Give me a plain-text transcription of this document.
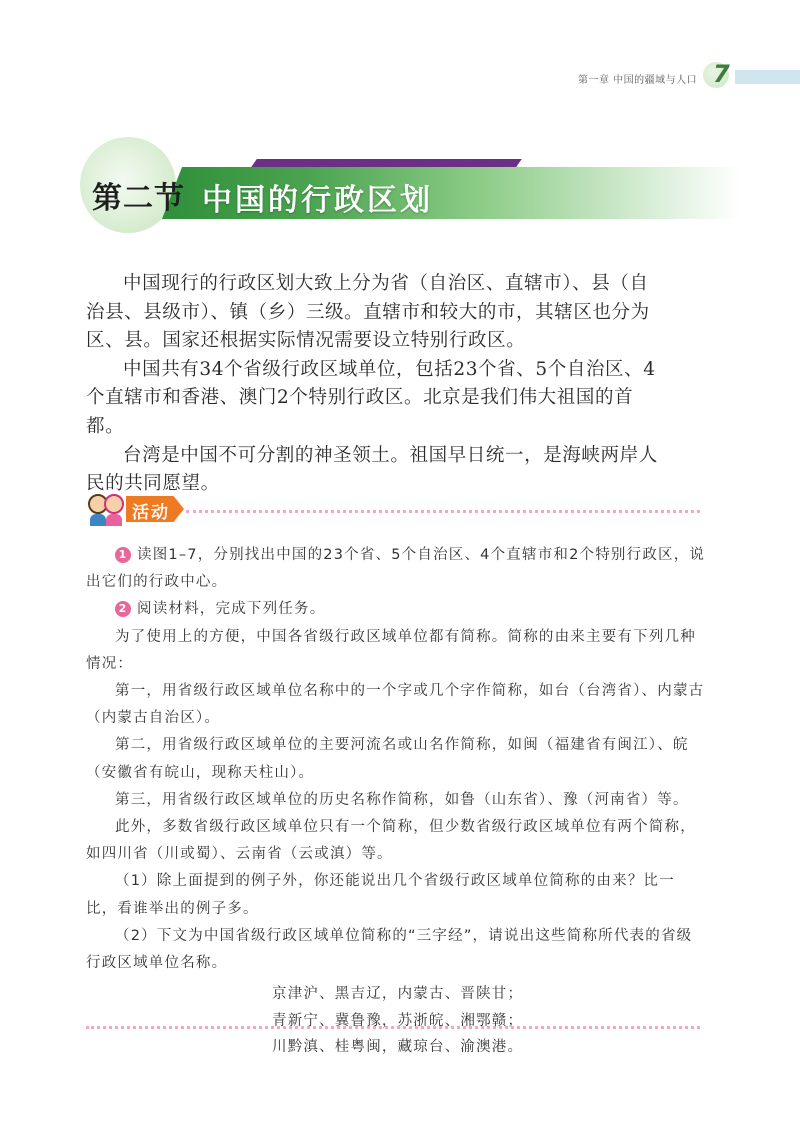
第一章 中国的疆域与人口 7
第二节 中国的行政区划

中国现行的行政区划大致上分为省（自治区、直辖市）、县（自治县、县级市）、镇（乡）三级。直辖市和较大的市，其辖区也分为区、县。国家还根据实际情况需要设立特别行政区。

中国共有34个省级行政区域单位，包括23个省、5个自治区、4个直辖市和香港、澳门2个特别行政区。北京是我们伟大祖国的首都。

台湾是中国不可分割的神圣领土。祖国早日统一，是海峡两岸人民的共同愿望。

活动

1 读图1–7，分别找出中国的23个省、5个自治区、4个直辖市和2个特别行政区，说出它们的行政中心。

2 阅读材料，完成下列任务。

为了使用上的方便，中国各省级行政区域单位都有简称。简称的由来主要有下列几种情况：

第一，用省级行政区域单位名称中的一个字或几个字作简称，如台（台湾省）、内蒙古（内蒙古自治区）。

第二，用省级行政区域单位的主要河流名或山名作简称，如闽（福建省有闽江）、皖（安徽省有皖山，现称天柱山）。

第三，用省级行政区域单位的历史名称作简称，如鲁（山东省）、豫（河南省）等。

此外，多数省级行政区域单位只有一个简称，但少数省级行政区域单位有两个简称，如四川省（川或蜀）、云南省（云或滇）等。

（1）除上面提到的例子外，你还能说出几个省级行政区域单位简称的由来？比一比，看谁举出的例子多。

（2）下文为中国省级行政区域单位简称的“三字经”，请说出这些简称所代表的省级行政区域单位名称。

京津沪、黑吉辽，内蒙古、晋陕甘；

青新宁、冀鲁豫，苏浙皖、湘鄂赣；

川黔滇、桂粤闽，藏琼台、渝澳港。
